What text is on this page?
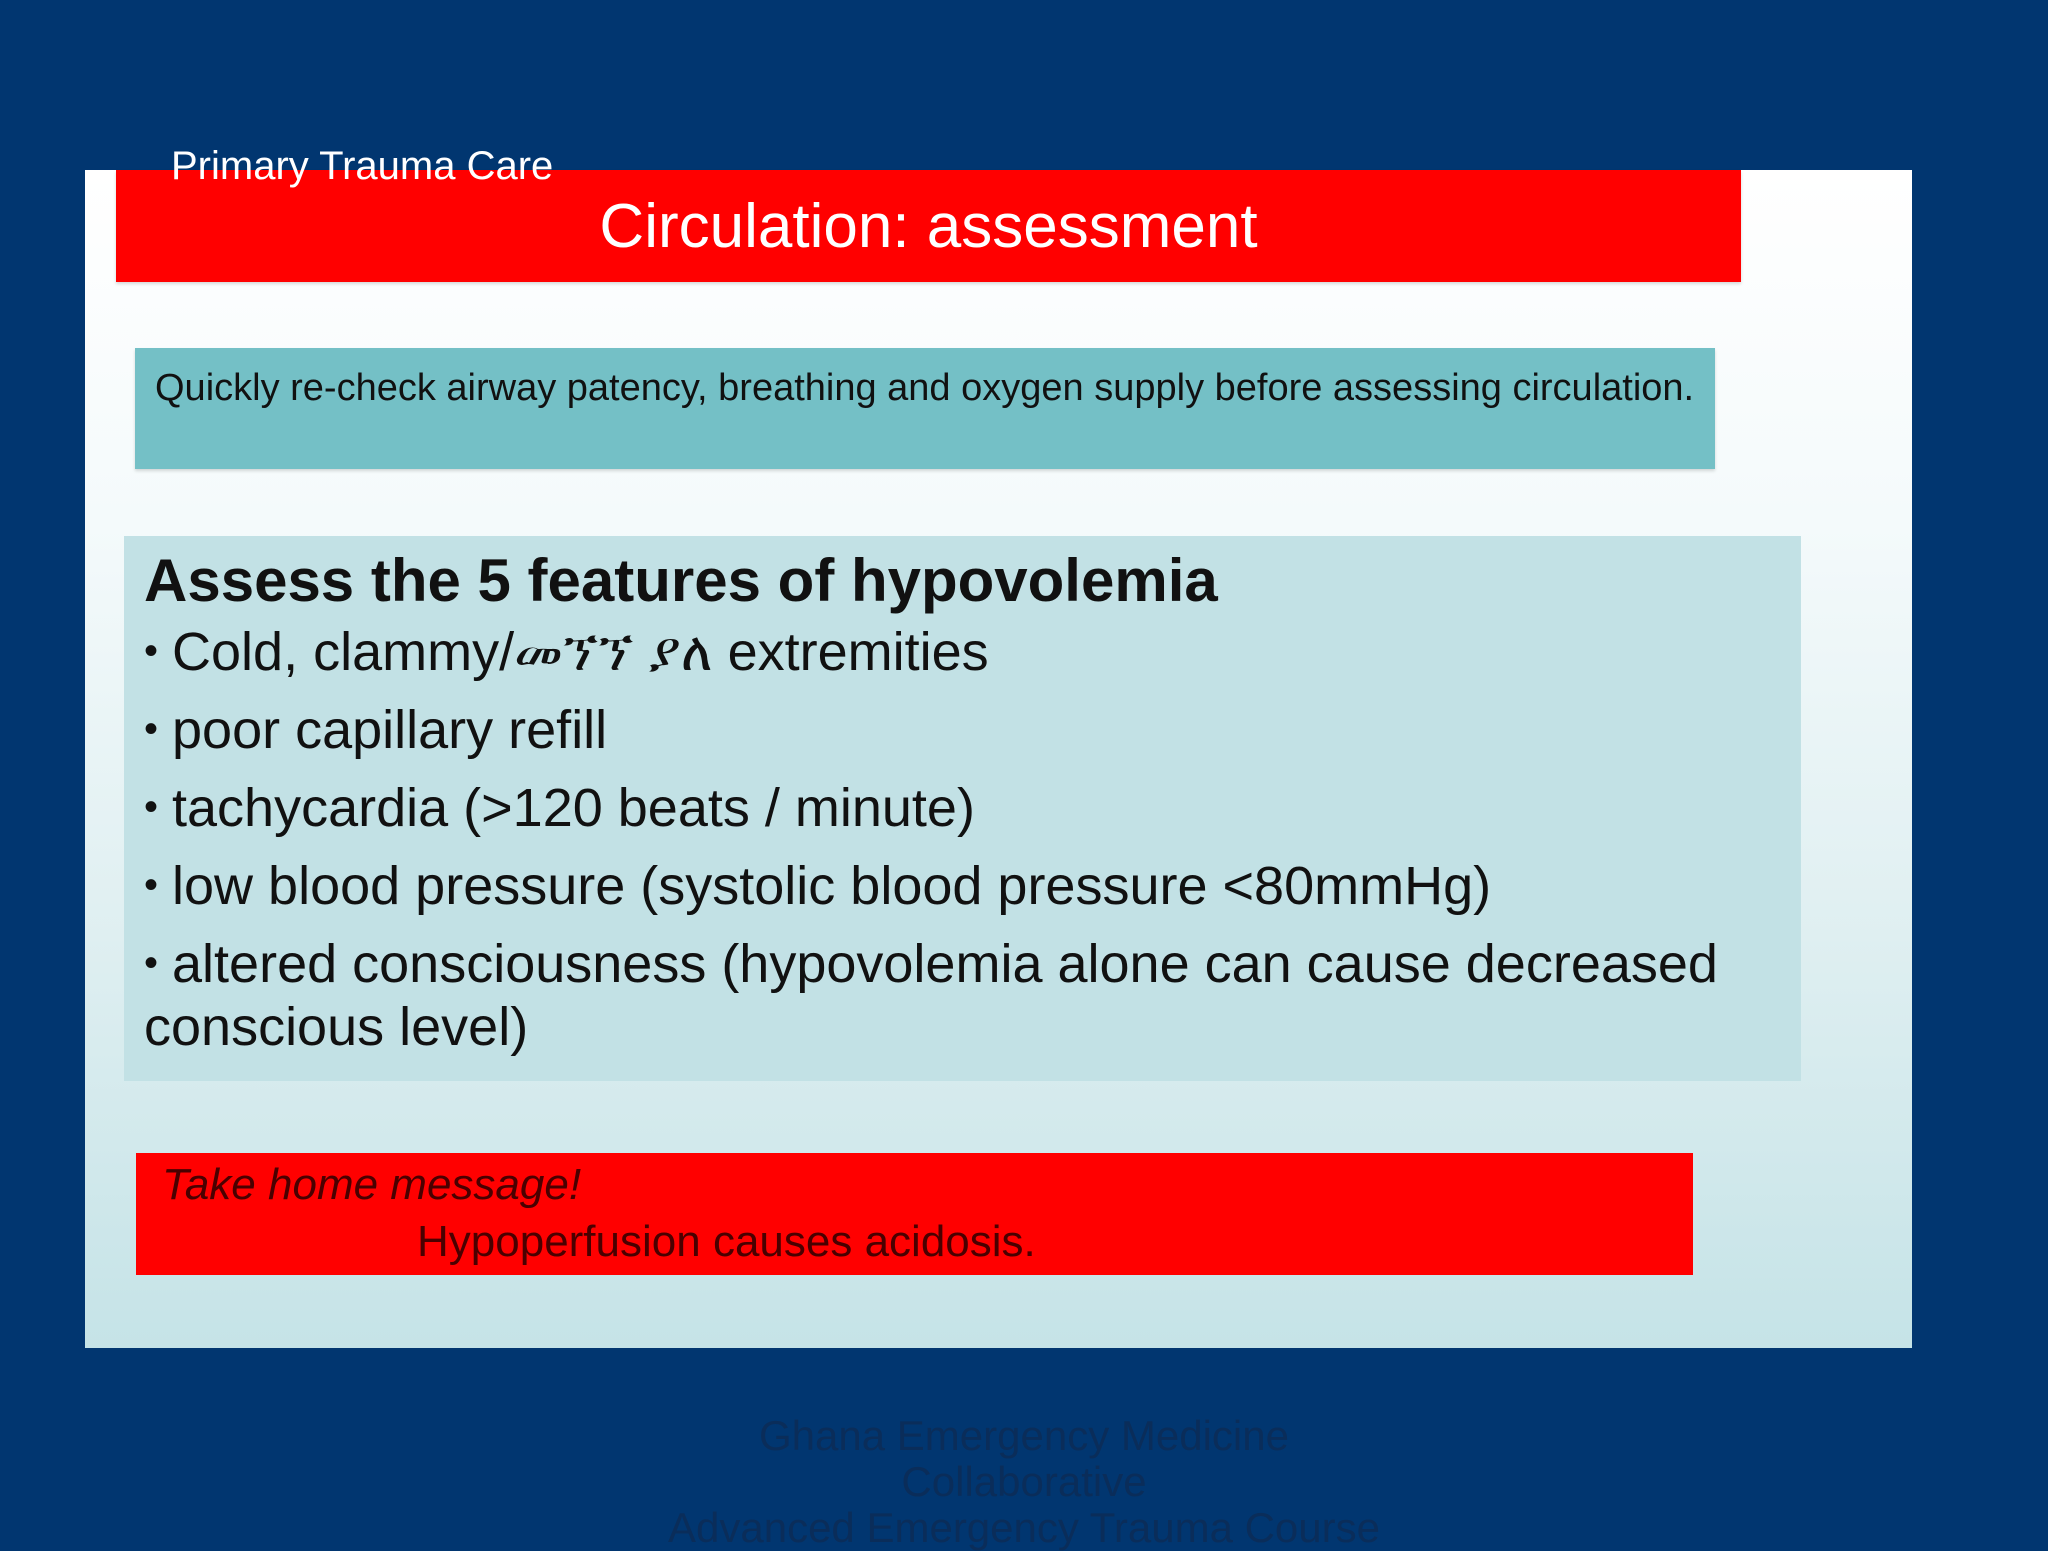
Primary Trauma Care
Circulation: assessment
Quickly re-check airway patency, breathing and oxygen supply before assessing circulation.
Assess the 5 features of hypovolemia
• Cold, clammy/መኘኘ ያለ extremities
• poor capillary refill
• tachycardia (>120 beats / minute)
• low blood pressure (systolic blood pressure <80mmHg)
• altered consciousness (hypovolemia alone can cause decreased conscious level)
Take home message!
Hypoperfusion causes acidosis.
Ghana Emergency Medicine
Collaborative
Advanced Emergency Trauma Course
